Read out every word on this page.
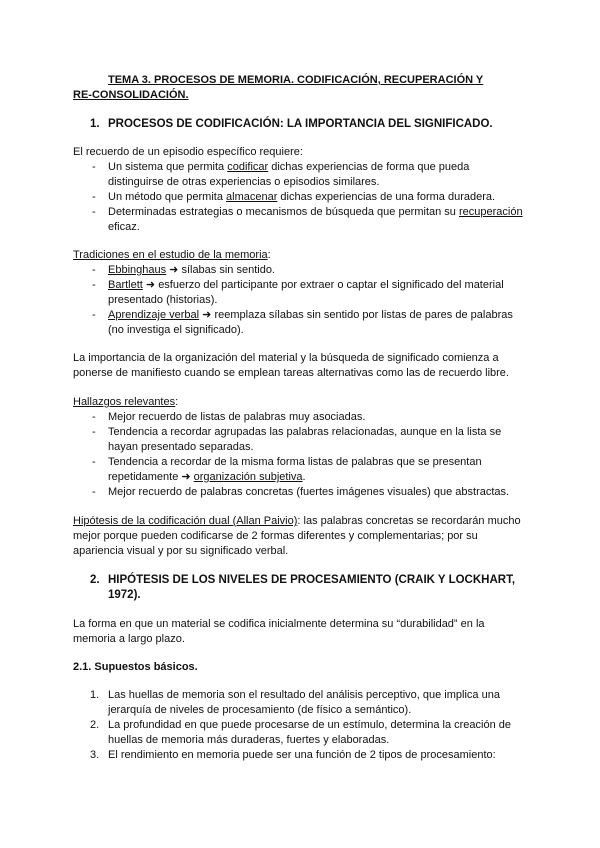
TEMA 3. PROCESOS DE MEMORIA. CODIFICACIÓN, RECUPERACIÓN Y
RE-CONSOLIDACIÓN.
1. PROCESOS DE CODIFICACIÓN: LA IMPORTANCIA DEL SIGNIFICADO.
El recuerdo de un episodio específico requiere:
- Un sistema que permita codificar dichas experiencias de forma que pueda
distinguirse de otras experiencias o episodios similares.
- Un método que permita almacenar dichas experiencias de una forma duradera.
- Determinadas estrategias o mecanismos de búsqueda que permitan su recuperación
eficaz.
Tradiciones en el estudio de la memoria:
- Ebbinghaus ➜ sílabas sin sentido.
- Bartlett ➜ esfuerzo del participante por extraer o captar el significado del material
presentado (historias).
- Aprendizaje verbal ➜ reemplaza sílabas sin sentido por listas de pares de palabras
(no investiga el significado).
La importancia de la organización del material y la búsqueda de significado comienza a
ponerse de manifiesto cuando se emplean tareas alternativas como las de recuerdo libre.
Hallazgos relevantes:
- Mejor recuerdo de listas de palabras muy asociadas.
- Tendencia a recordar agrupadas las palabras relacionadas, aunque en la lista se
hayan presentado separadas.
- Tendencia a recordar de la misma forma listas de palabras que se presentan
repetidamente ➜ organización subjetiva.
- Mejor recuerdo de palabras concretas (fuertes imágenes visuales) que abstractas.
Hipótesis de la codificación dual (Allan Paivio): las palabras concretas se recordarán mucho
mejor porque pueden codificarse de 2 formas diferentes y complementarias; por su
apariencia visual y por su significado verbal.
2. HIPÓTESIS DE LOS NIVELES DE PROCESAMIENTO (CRAIK Y LOCKHART,
1972).
La forma en que un material se codifica inicialmente determina su “durabilidad” en la
memoria a largo plazo.
2.1. Supuestos básicos.
1. Las huellas de memoria son el resultado del análisis perceptivo, que implica una
jerarquía de niveles de procesamiento (de físico a semántico).
2. La profundidad en que puede procesarse de un estímulo, determina la creación de
huellas de memoria más duraderas, fuertes y elaboradas.
3. El rendimiento en memoria puede ser una función de 2 tipos de procesamiento:
